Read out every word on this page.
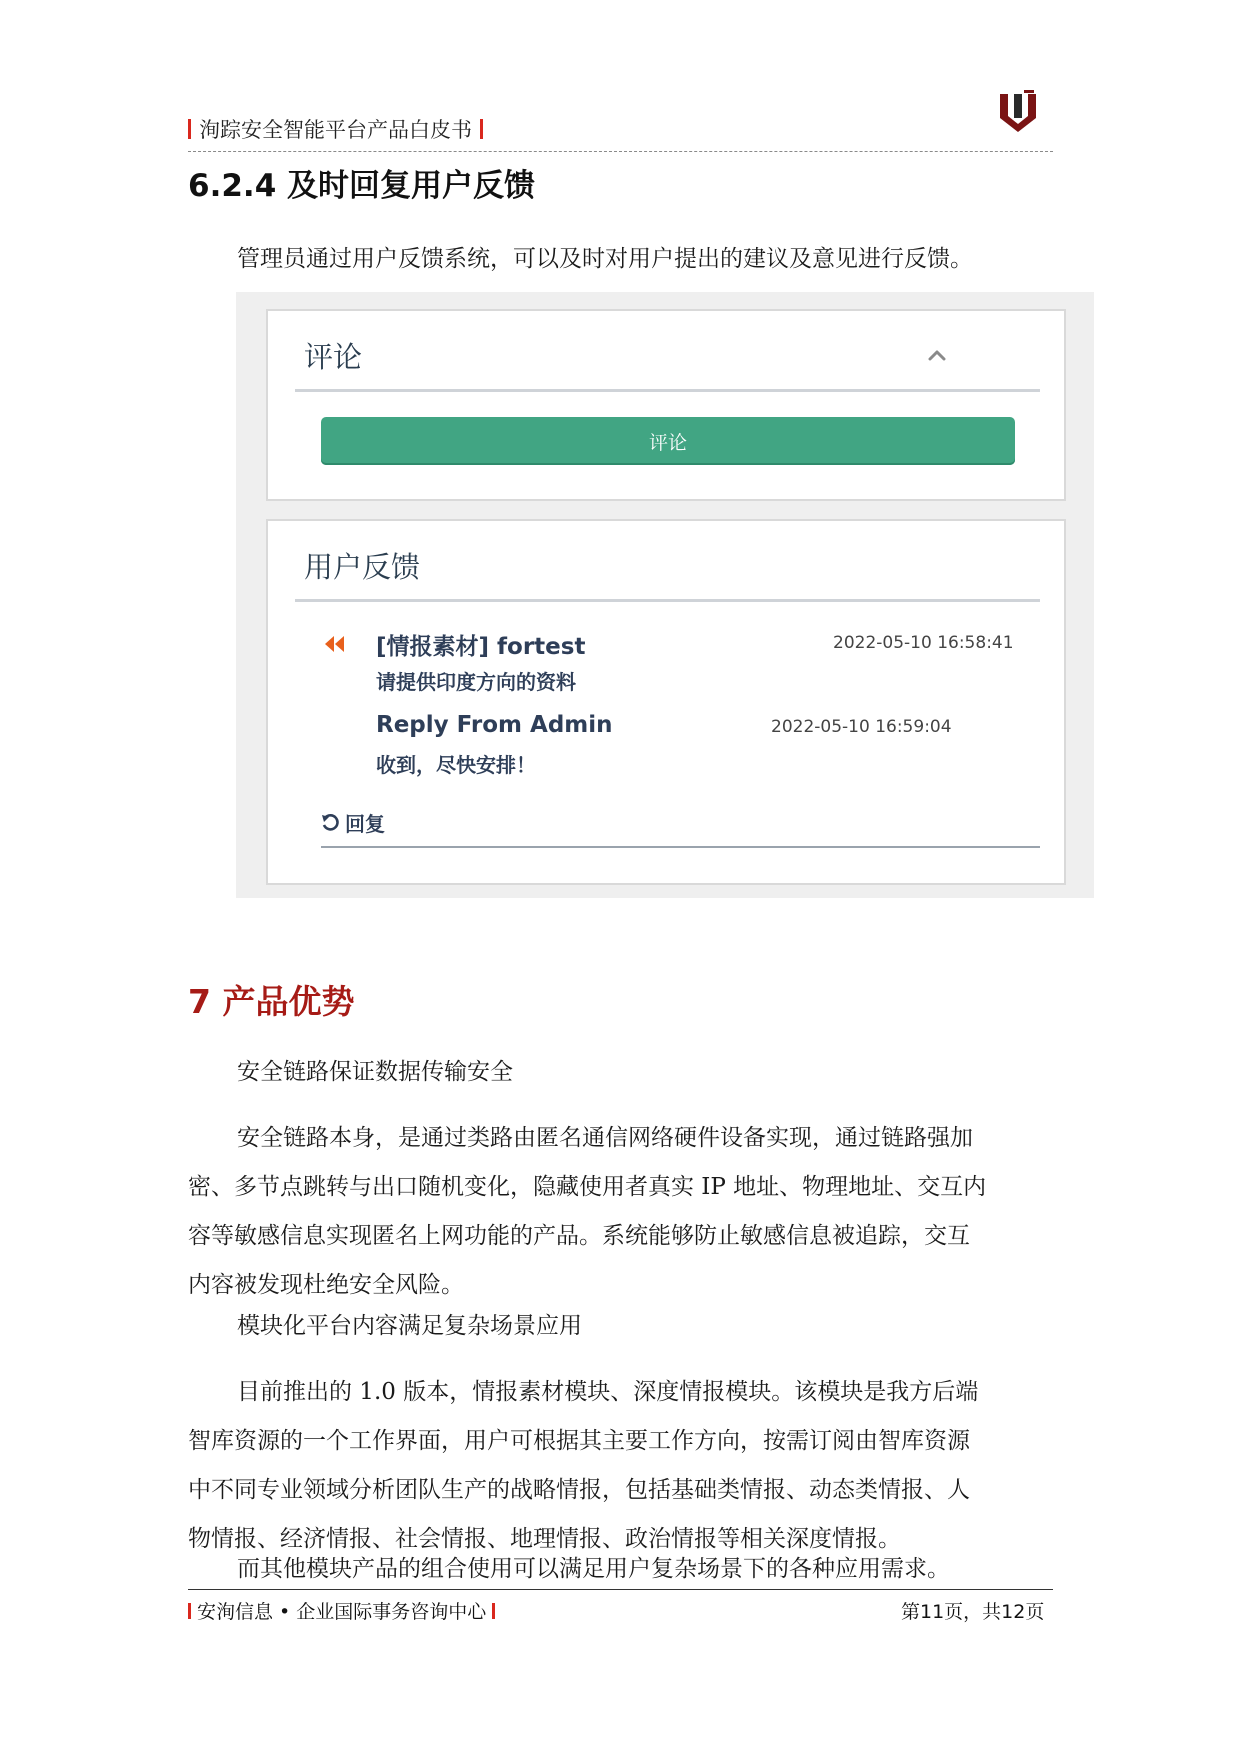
洵踪安全智能平台产品白皮书
6.2.4 及时回复用户反馈
管理员通过用户反馈系统，可以及时对用户提出的建议及意见进行反馈。
评论
评论
用户反馈
[情报素材] fortest	2022-05-10 16:58:41
请提供印度方向的资料
Reply From Admin	2022-05-10 16:59:04
收到，尽快安排！
回复
7 产品优势
安全链路保证数据传输安全
安全链路本身，是通过类路由匿名通信网络硬件设备实现，通过链路强加
密、多节点跳转与出口随机变化，隐藏使用者真实 IP 地址、物理地址、交互内
容等敏感信息实现匿名上网功能的产品。系统能够防止敏感信息被追踪，交互
内容被发现杜绝安全风险。
模块化平台内容满足复杂场景应用
目前推出的 1.0 版本，情报素材模块、深度情报模块。该模块是我方后端
智库资源的一个工作界面，用户可根据其主要工作方向，按需订阅由智库资源
中不同专业领域分析团队生产的战略情报，包括基础类情报、动态类情报、人
物情报、经济情报、社会情报、地理情报、政治情报等相关深度情报。
而其他模块产品的组合使用可以满足用户复杂场景下的各种应用需求。
安洵信息 • 企业国际事务咨询中心	第11页，共12页
